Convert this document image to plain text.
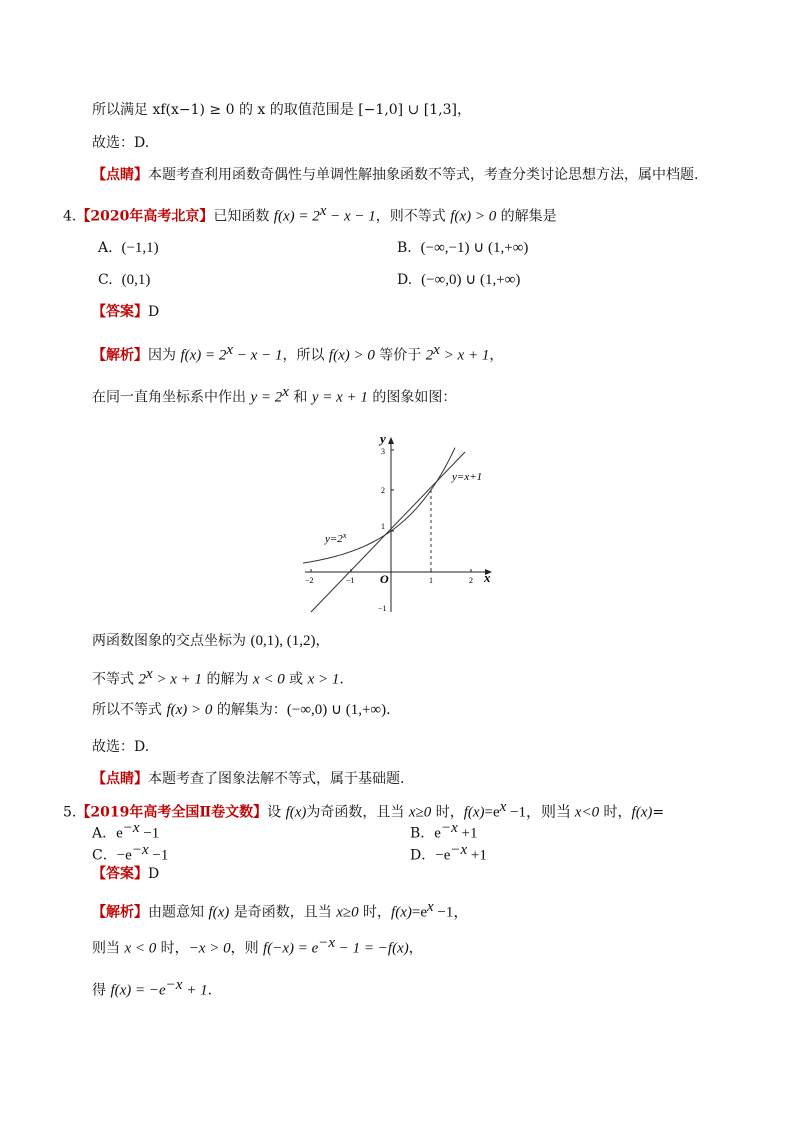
所以满足 xf(x−1) ≥ 0 的 x 的取值范围是 [−1,0] ∪ [1,3]，
故选：D.
【点睛】本题考查利用函数奇偶性与单调性解抽象函数不等式，考查分类讨论思想方法，属中档题.
4.【2020年高考北京】已知函数 $f(x) = 2^x - x - 1$，则不等式 f(x) > 0 的解集是
A. (−1,1)	B. (−∞,−1) ∪ (1,+∞)
C. (0,1)	D. (−∞,0) ∪ (1,+∞)
【答案】D
【解析】因为 $f(x) = 2^x - x - 1$，所以 f(x) > 0 等价于 $2^x > x + 1$，
在同一直角坐标系中作出 $y = 2^x$ 和 y = x + 1 的图象如图：
y
x
O
3
2
1
−1
−2	−1	1	2
$y=2^x$
y=x+1
两函数图象的交点坐标为 (0,1), (1,2)，
不等式 $2^x > x + 1$ 的解为 x < 0 或 x > 1.
所以不等式 f(x) > 0 的解集为：(−∞,0) ∪ (1,+∞).
故选：D.
【点睛】本题考查了图象法解不等式，属于基础题.
5.【2019年高考全国Ⅱ卷文数】设 f(x)为奇函数，且当 x≥0 时，$f(x)=e^x -1$，则当 x<0 时，f(x)=
A．$e^{-x} -1$	B．$e^{-x} +1$
C．$-e^{-x} -1$	D．$-e^{-x} +1$
【答案】D
【解析】由题意知 f(x) 是奇函数，且当 x≥0 时，$f(x)=e^x -1$，
则当 x < 0 时，−x > 0，则 $f(-x) = e^{-x} - 1 = -f(x)$，
得 $f(x) = -e^{-x} + 1$.
